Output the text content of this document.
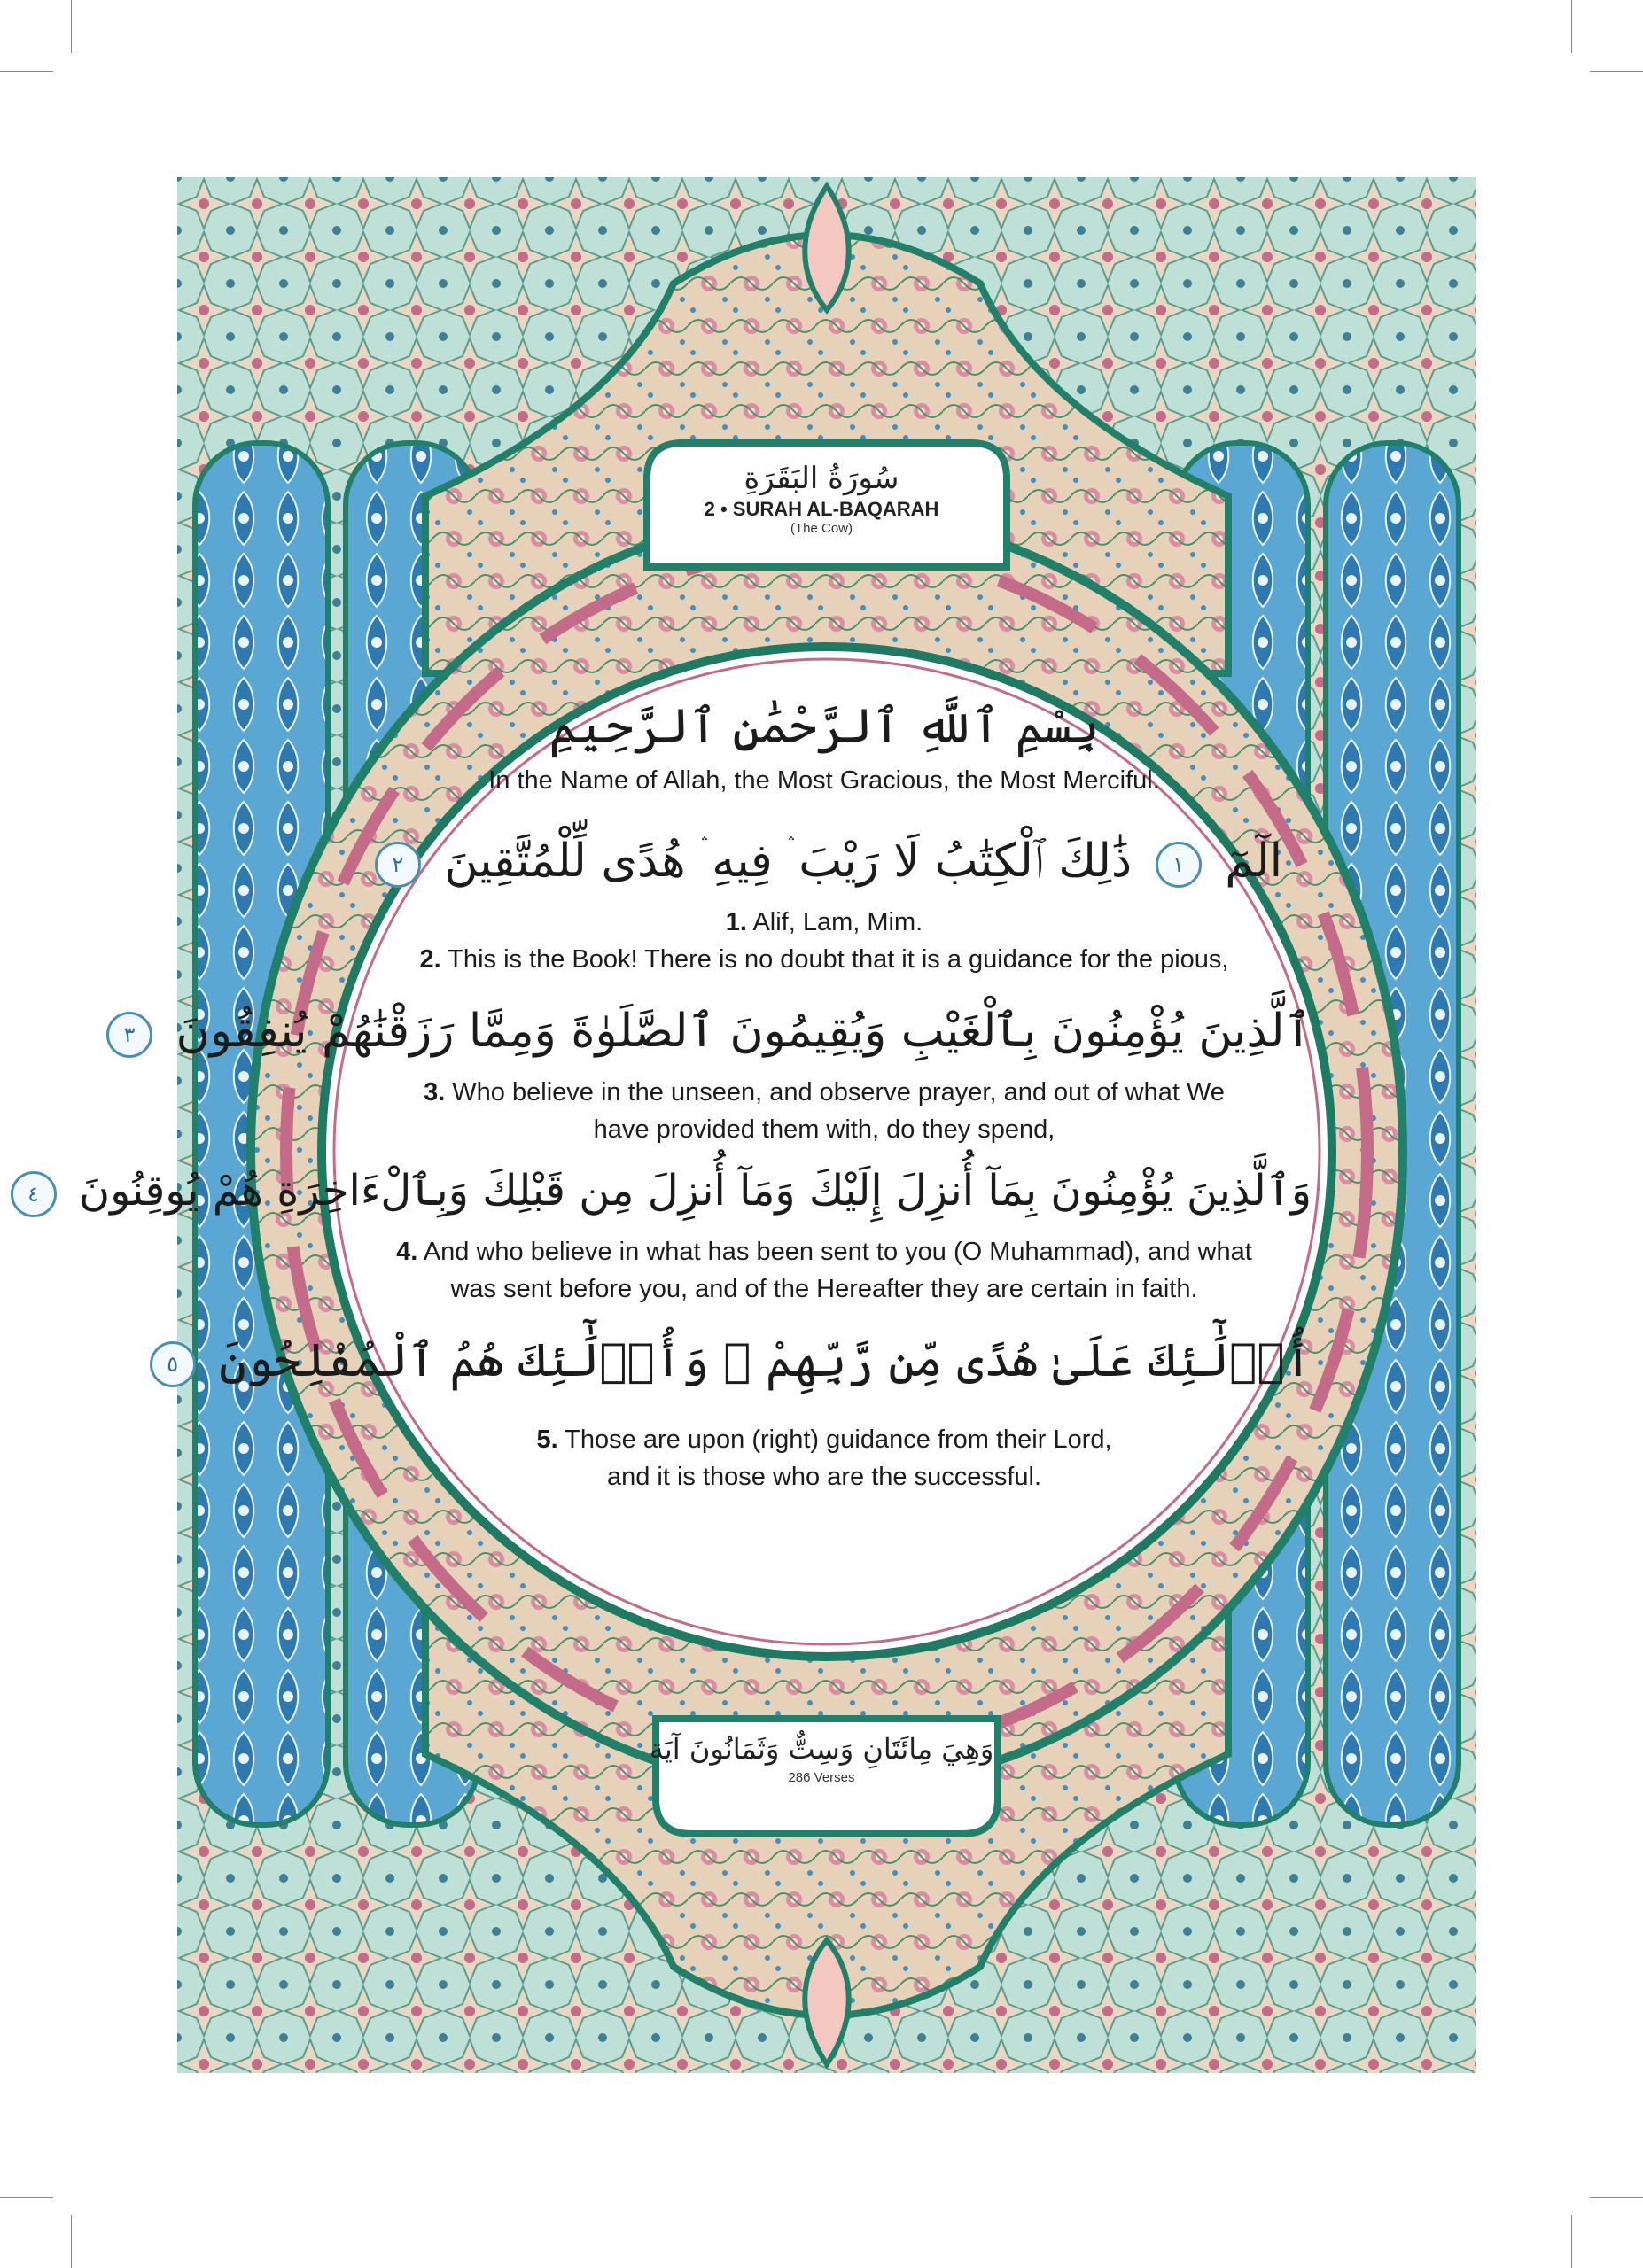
سُورَةُ البَقَرَةِ
2 • SURAH AL-BAQARAH
(The Cow)
بِسْمِ ٱللَّهِ ٱلرَّحْمَٰنِ ٱلرَّحِيمِ
In the Name of Allah, the Most Gracious, the Most Merciful.
الٓمٓ ١ ذَٰلِكَ ٱلْكِتَٰبُ لَا رَيْبَ ۛ فِيهِ ۛ هُدًى لِّلْمُتَّقِينَ ٢
1. Alif, Lam, Mim.
2. This is the Book! There is no doubt that it is a guidance for the pious,
ٱلَّذِينَ يُؤْمِنُونَ بِٱلْغَيْبِ وَيُقِيمُونَ ٱلصَّلَوٰةَ وَمِمَّا رَزَقْنَٰهُمْ يُنفِقُونَ ٣
3. Who believe in the unseen, and observe prayer, and out of what We
have provided them with, do they spend,
وَٱلَّذِينَ يُؤْمِنُونَ بِمَآ أُنزِلَ إِلَيْكَ وَمَآ أُنزِلَ مِن قَبْلِكَ وَبِٱلْءَاخِرَةِ هُمْ يُوقِنُونَ ٤
4. And who believe in what has been sent to you (O Muhammad), and what
was sent before you, and of the Hereafter they are certain in faith.
أُو۟لَٰٓئِكَ عَلَىٰ هُدًى مِّن رَّبِّهِمْ ۖ وَأُو۟لَٰٓئِكَ هُمُ ٱلْمُفْلِحُونَ ٥
5. Those are upon (right) guidance from their Lord,
and it is those who are the successful.
وَهِيَ مِائَتَانِ وَسِتٌّ وَثَمَانُونَ آيَة
286 Verses
